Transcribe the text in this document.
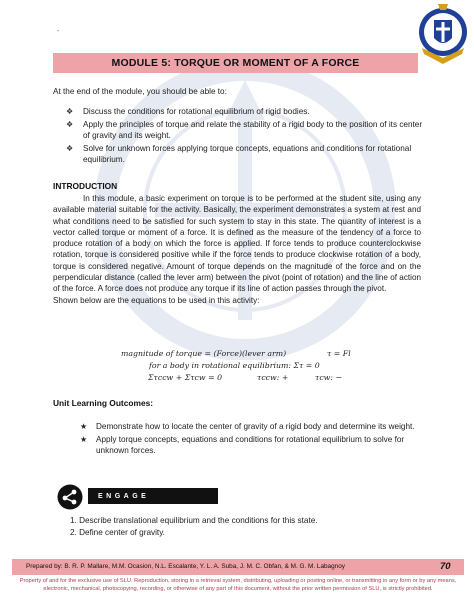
-
MODULE 5: TORQUE OR MOMENT OF A FORCE
At the end of the module, you should be able to:
❖ Discuss the conditions for rotational equilibrium of rigid bodies.
❖ Apply the principles of torque and relate the stability of a rigid body to the position of its center of gravity and its weight.
❖ Solve for unknown forces applying torque concepts, equations and conditions for rotational equilibrium.
INTRODUCTION

In this module, a basic experiment on torque is to be performed at the student site, using any available material suitable for the activity. Basically, the experiment demonstrates a system at rest and what conditions need to be satisfied for such system to stay in this state. The quantity of interest is a vector called torque or moment of a force. It is defined as the measure of the tendency of a force to produce rotation of a body on which the force is applied. If force tends to produce counterclockwise rotation, torque is considered positive while if the force tends to produce clockwise rotation of a body, torque is considered negative. Amount of torque depends on the magnitude of the force and on the perpendicular distance (called the lever arm) between the pivot (point of rotation) and the line of action of the force. A force does not produce any torque if its line of action passes through the pivot.

Shown below are the equations to be used in this activity:

magnitude of torque = (Force)(lever arm)	τ = Fl
for a body in rotational equilibrium: Στ = 0
Στccw + Στcw = 0	τccw: +	τcw: −
Unit Learning Outcomes:
★ Demonstrate how to locate the center of gravity of a rigid body and determine its weight.
★ Apply torque concepts, equations and conditions for rotational equilibrium to solve for unknown forces.
ENGAGE
1. Describe translational equilibrium and the conditions for this state.
2. Define center of gravity.
Prepared by: B. R. P. Mallare, M.M. Ocasion, N.L. Escalante, Y. L. A. Suba, J. M. C. Obfan, & M. G. M. Labagnoy	70
Property of and for the exclusive use of SLU. Reproduction, storing in a retrieval system, distributing, uploading or posting online, or transmitting in any form or by any means, electronic, mechanical, photocopying, recording, or otherwise of any part of this document, without the prior written permission of SLU, is strictly prohibited.
